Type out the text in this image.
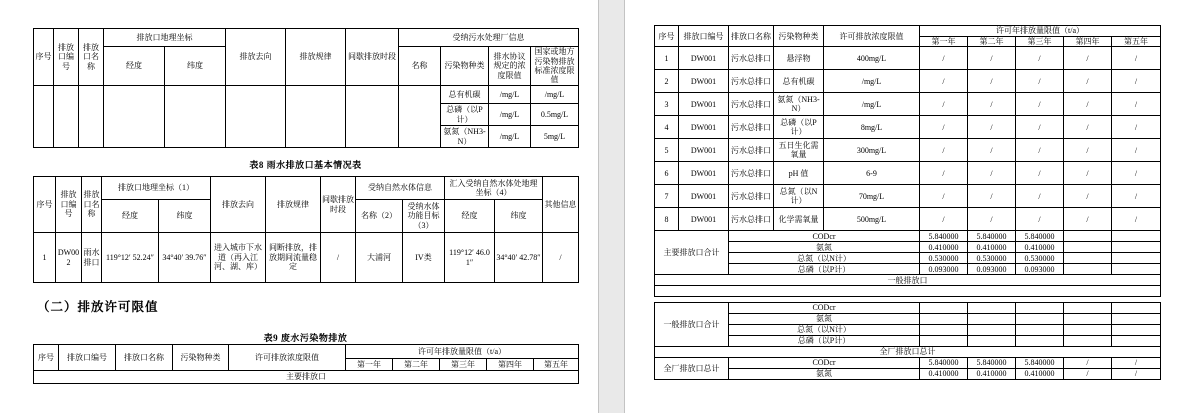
序号	排放口编号	排放口名称	排放口地理坐标		排放去向	排放规律	间歇排放时段	受纳污水处理厂信息			
			经度	纬度				名称	污染物种类	排水协议规定的浓度限值	国家或地方污染物排放标准浓度限值
									总有机碳	/mg/L	/mg/L
									总磷（以P计）	/mg/L	0.5mg/L
									氨氮（NH3-N）	/mg/L	5mg/L
表8 雨水排放口基本情况表
序号	排放口编号	排放口名称	排放口地理坐标（1）		排放去向	排放规律	间歇排放时段	受纳自然水体信息		汇入受纳自然水体处地理坐标（4）		其他信息
			经度	纬度				名称（2）	受纳水体功能目标（3）	经度	纬度	
1	DW002	雨水排口	119°12′ 52.24″	34°40′ 39.76″	进入城市下水道（再入江河、湖、库）	间断排放，排放期间流量稳定	/	大浦河	IV类	119°12′ 46.01″	34°40′ 42.78″	/
（二）排放许可限值
表9 废水污染物排放
序号	排放口编号	排放口名称	污染物种类	许可排放浓度限值	许可年排放量限值（t/a）				
					第一年	第二年	第三年	第四年	第五年
主要排放口									
序号	排放口编号	排放口名称	污染物种类	许可排放浓度限值	许可年排放量限值（t/a）				
					第一年	第二年	第三年	第四年	第五年
1	DW001	污水总排口	悬浮物	400mg/L	/	/	/	/	/
2	DW001	污水总排口	总有机碳	/mg/L	/	/	/	/	/
3	DW001	污水总排口	氨氮（NH3-N）	/mg/L	/	/	/	/	/
4	DW001	污水总排口	总磷（以P计）	8mg/L	/	/	/	/	/
5	DW001	污水总排口	五日生化需氧量	300mg/L	/	/	/	/	/
6	DW001	污水总排口	pH 值	6-9	/	/	/	/	/
7	DW001	污水总排口	总氮（以N计）	70mg/L	/	/	/	/	/
8	DW001	污水总排口	化学需氧量	500mg/L	/	/	/	/	/
主要排放口合计		CODcr			5.840000	5.840000	5.840000		
		氨氮			0.410000	0.410000	0.410000		
		总氮（以N计）			0.530000	0.530000	0.530000		
		总磷（以P计）			0.093000	0.093000	0.093000		
一般排放口									

一般排放口合计	CODcr					
	氨氮					
	总氮（以N计）					
	总磷（以P计）					
全厂排放口总计						
全厂排放口总计	CODcr	5.840000	5.840000	5.840000	/	/
	氨氮	0.410000	0.410000	0.410000	/	/
